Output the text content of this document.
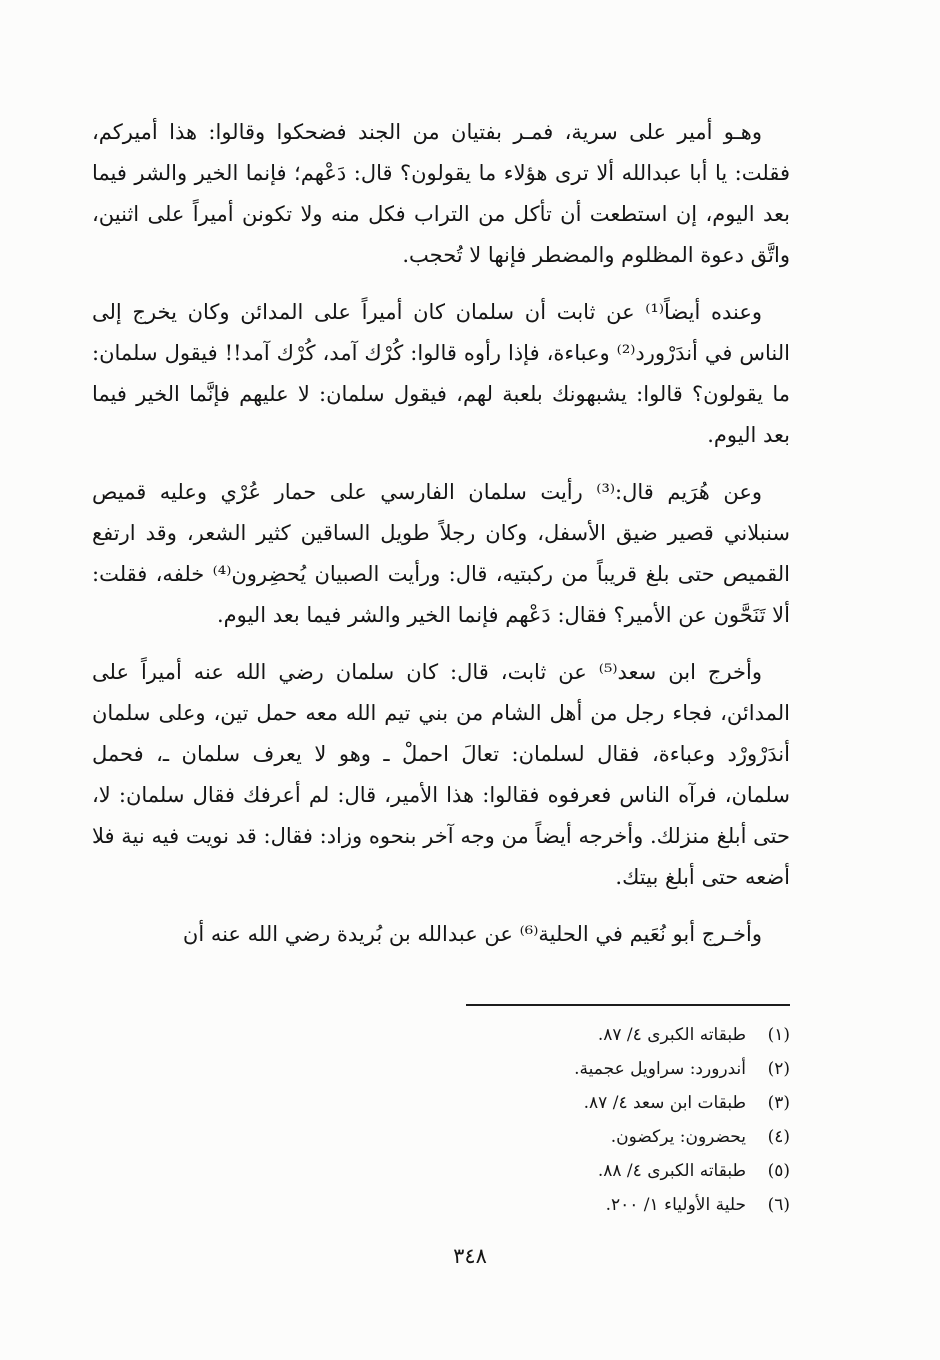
وهـو أمير على سرية، فمـر بفتيان من الجند فضحكوا وقالوا: هذا أميركم، فقلت: يا أبا عبدالله ألا ترى هؤلاء ما يقولون؟ قال: دَعْهم؛ فإنما الخير والشر فيما بعد اليوم، إن استطعت أن تأكل من التراب فكل منه ولا تكونن أميراً على اثنين، واتَّق دعوة المظلوم والمضطر فإنها لا تُحجب.

وعنده أيضاً⁽¹⁾ عن ثابت أن سلمان كان أميراً على المدائن وكان يخرج إلى الناس في أندَرْورد⁽²⁾ وعباءة، فإذا رأوه قالوا: كُرْك آمد، كُرْك آمد!! فيقول سلمان: ما يقولون؟ قالوا: يشبهونك بلعبة لهم، فيقول سلمان: لا عليهم فإنَّما الخير فيما بعد اليوم.

وعن هُرَيم قال:⁽³⁾ رأيت سلمان الفارسي على حمار عُرْي وعليه قميص سنبلاني قصير ضيق الأسفل، وكان رجلاً طويل الساقين كثير الشعر، وقد ارتفع القميص حتى بلغ قريباً من ركبتيه، قال: ورأيت الصبيان يُحضِرون⁽⁴⁾ خلفه، فقلت: ألا تَنَحَّون عن الأمير؟ فقال: دَعْهم فإنما الخير والشر فيما بعد اليوم.

وأخرج ابن سعد⁽⁵⁾ عن ثابت، قال: كان سلمان رضي الله عنه أميراً على المدائن، فجاء رجل من أهل الشام من بني تيم الله معه حمل تين، وعلى سلمان أندَرْورْد وعباءة، فقال لسلمان: تعالَ احملْ ـ وهو لا يعرف سلمان ـ، فحمل سلمان، فرآه الناس فعرفوه فقالوا: هذا الأمير، قال: لم أعرفك فقال سلمان: لا، حتى أبلغ منزلك. وأخرجه أيضاً من وجه آخر بنحوه وزاد: فقال: قد نويت فيه نية فلا أضعه حتى أبلغ بيتك.

وأخـرج أبو نُعَيم في الحلية⁽⁶⁾ عن عبدالله بن بُريدة رضي الله عنه أن

(١)طبقاته الكبرى ٤/ ٨٧.
(٢)أندرورد: سراويل عجمية.
(٣)طبقات ابن سعد ٤/ ٨٧.
(٤)يحضرون: يركضون.
(٥)طبقاته الكبرى ٤/ ٨٨.
(٦)حلية الأولياء ١/ ٢٠٠.
٣٤٨
